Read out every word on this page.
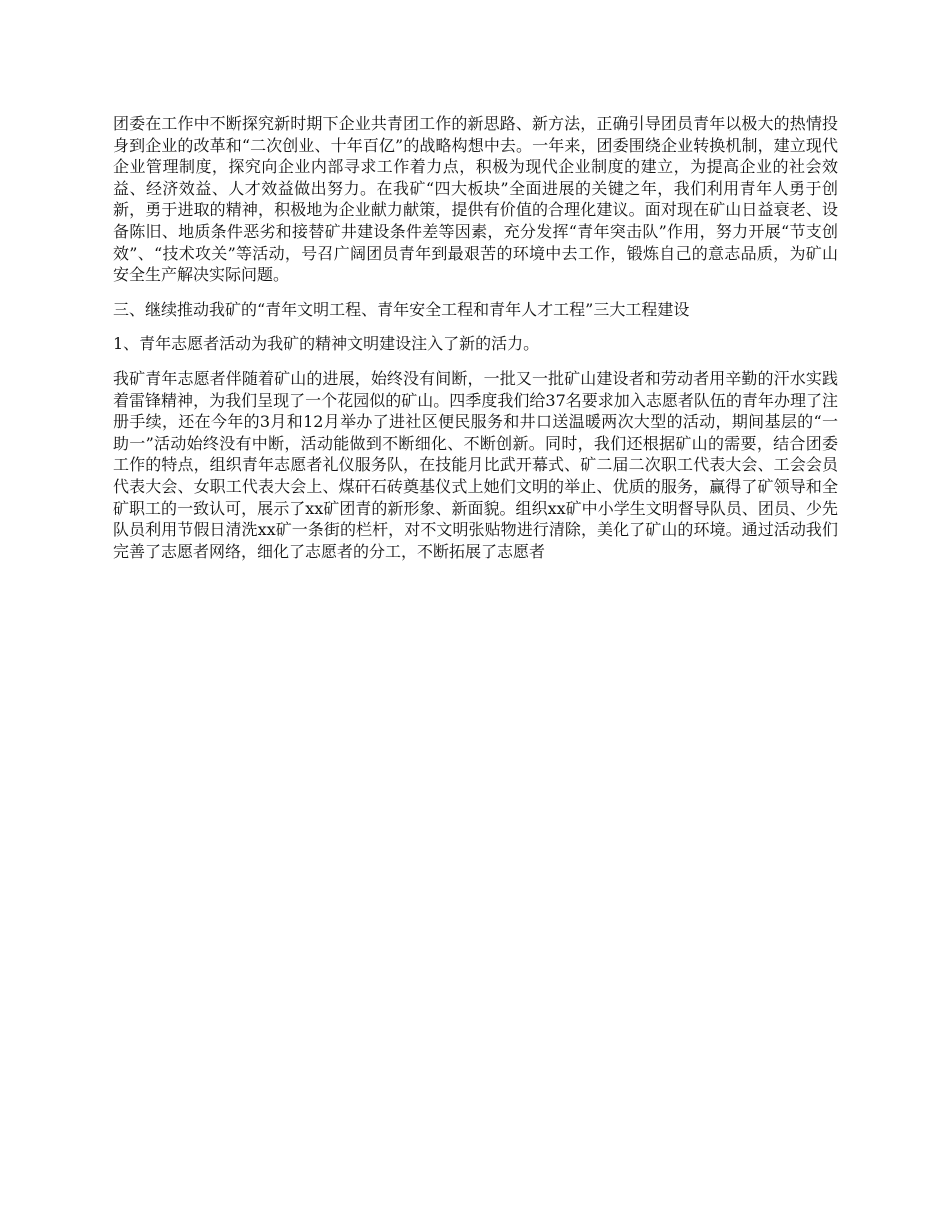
团委在工作中不断探究新时期下企业共青团工作的新思路、新方法，正确引导团员青年以极大的热情投身到企业的改革和“二次创业、十年百亿”的战略构想中去。一年来，团委围绕企业转换机制，建立现代企业管理制度，探究向企业内部寻求工作着力点，积极为现代企业制度的建立，为提高企业的社会效益、经济效益、人才效益做出努力。在我矿“四大板块”全面进展的关键之年，我们利用青年人勇于创新，勇于进取的精神，积极地为企业献力献策，提供有价值的合理化建议。面对现在矿山日益衰老、设备陈旧、地质条件恶劣和接替矿井建设条件差等因素，充分发挥“青年突击队”作用，努力开展“节支创效”、“技术攻关”等活动，号召广阔团员青年到最艰苦的环境中去工作，锻炼自己的意志品质，为矿山安全生产解决实际问题。

三、继续推动我矿的“青年文明工程、青年安全工程和青年人才工程”三大工程建设

1、青年志愿者活动为我矿的精神文明建设注入了新的活力。

我矿青年志愿者伴随着矿山的进展，始终没有间断，一批又一批矿山建设者和劳动者用辛勤的汗水实践着雷锋精神，为我们呈现了一个花园似的矿山。四季度我们给37名要求加入志愿者队伍的青年办理了注册手续，还在今年的3月和12月举办了进社区便民服务和井口送温暖两次大型的活动，期间基层的“一助一”活动始终没有中断，活动能做到不断细化、不断创新。同时，我们还根据矿山的需要，结合团委工作的特点，组织青年志愿者礼仪服务队，在技能月比武开幕式、矿二届二次职工代表大会、工会会员代表大会、女职工代表大会上、煤矸石砖奠基仪式上她们文明的举止、优质的服务，赢得了矿领导和全矿职工的一致认可，展示了xx矿团青的新形象、新面貌。组织xx矿中小学生文明督导队员、团员、少先队员利用节假日清洗xx矿一条街的栏杆，对不文明张贴物进行清除，美化了矿山的环境。通过活动我们完善了志愿者网络，细化了志愿者的分工，不断拓展了志愿者
